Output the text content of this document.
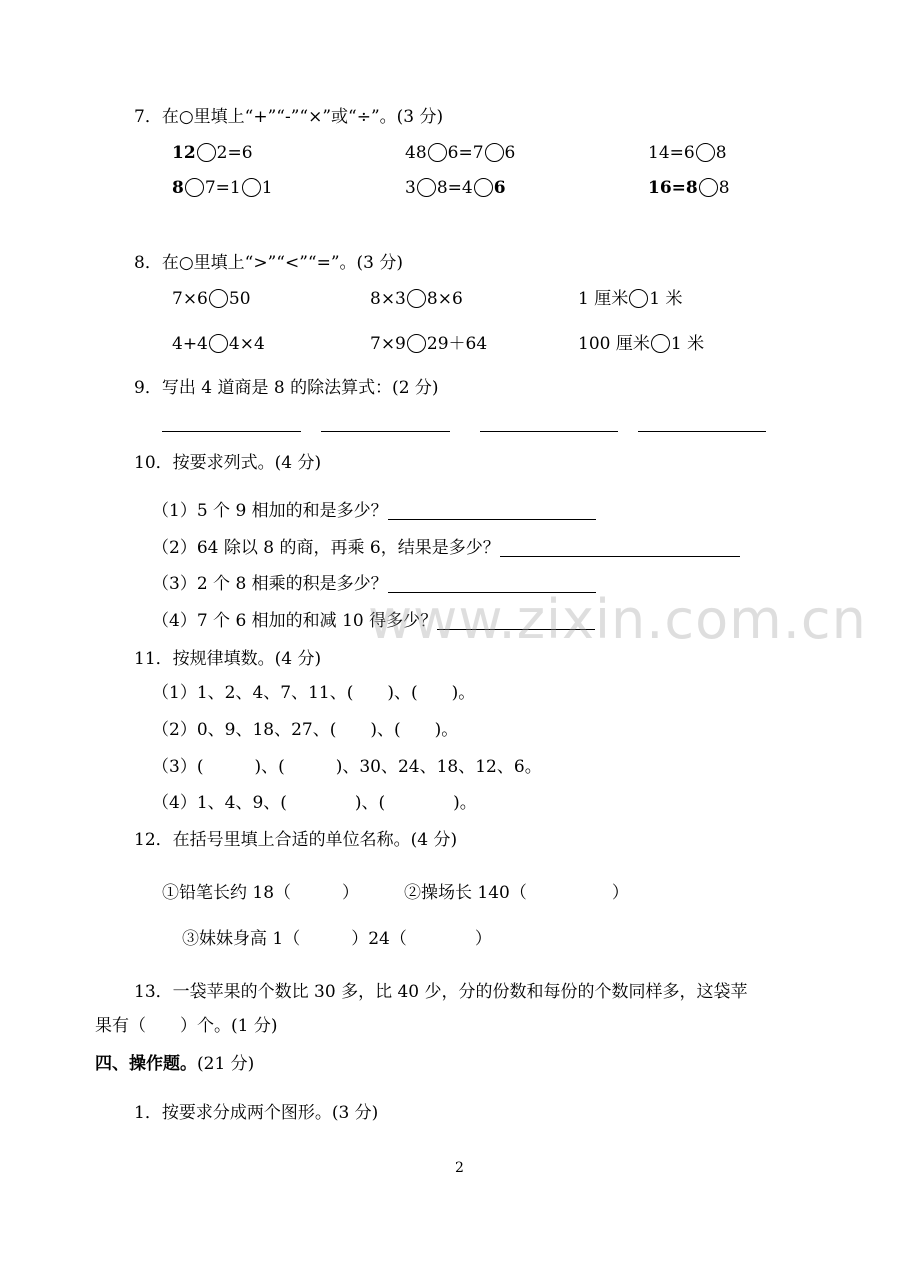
7．在○里填上“+”“-”“×”或“÷”。(3 分)
12 2=6	48 6=7 6	14=6 8
8 7=1 1	3 8=4 6	16=8 8
8．在○里填上“>”“<”“=”。(3 分)
7×6 50	8×3 8×6	1 厘米 1 米
4+4 4×4	7×9 29＋64	100 厘米 1 米
9．写出 4 道商是 8 的除法算式：(2 分)
10．按要求列式。(4 分)
（1）5 个 9 相加的和是多少？
（2）64 除以 8 的商，再乘 6，结果是多少？
（3）2 个 8 相乘的积是多少？
（4）7 个 6 相加的和减 10 得多少？
11．按规律填数。(4 分)
（1）1、2、4、7、11、(　　)、(　　)。
（2）0、9、18、27、(　　)、(　　)。
（3）(　　　)、(　　　)、30、24、18、12、6。
（4）1、4、9、(　　　　)、(　　　　)。
12．在括号里填上合适的单位名称。(4 分)
①铅笔长约 18（　　　）	②操场长 140（　　　　　）
③妹妹身高 1（　　　）24（　　　　）
13．一袋苹果的个数比 30 多，比 40 少，分的份数和每份的个数同样多，这袋苹
果有（　　）个。(1 分)
四、操作题。(21 分)
1．按要求分成两个图形。(3 分)
www.zixin.com.cn
2
